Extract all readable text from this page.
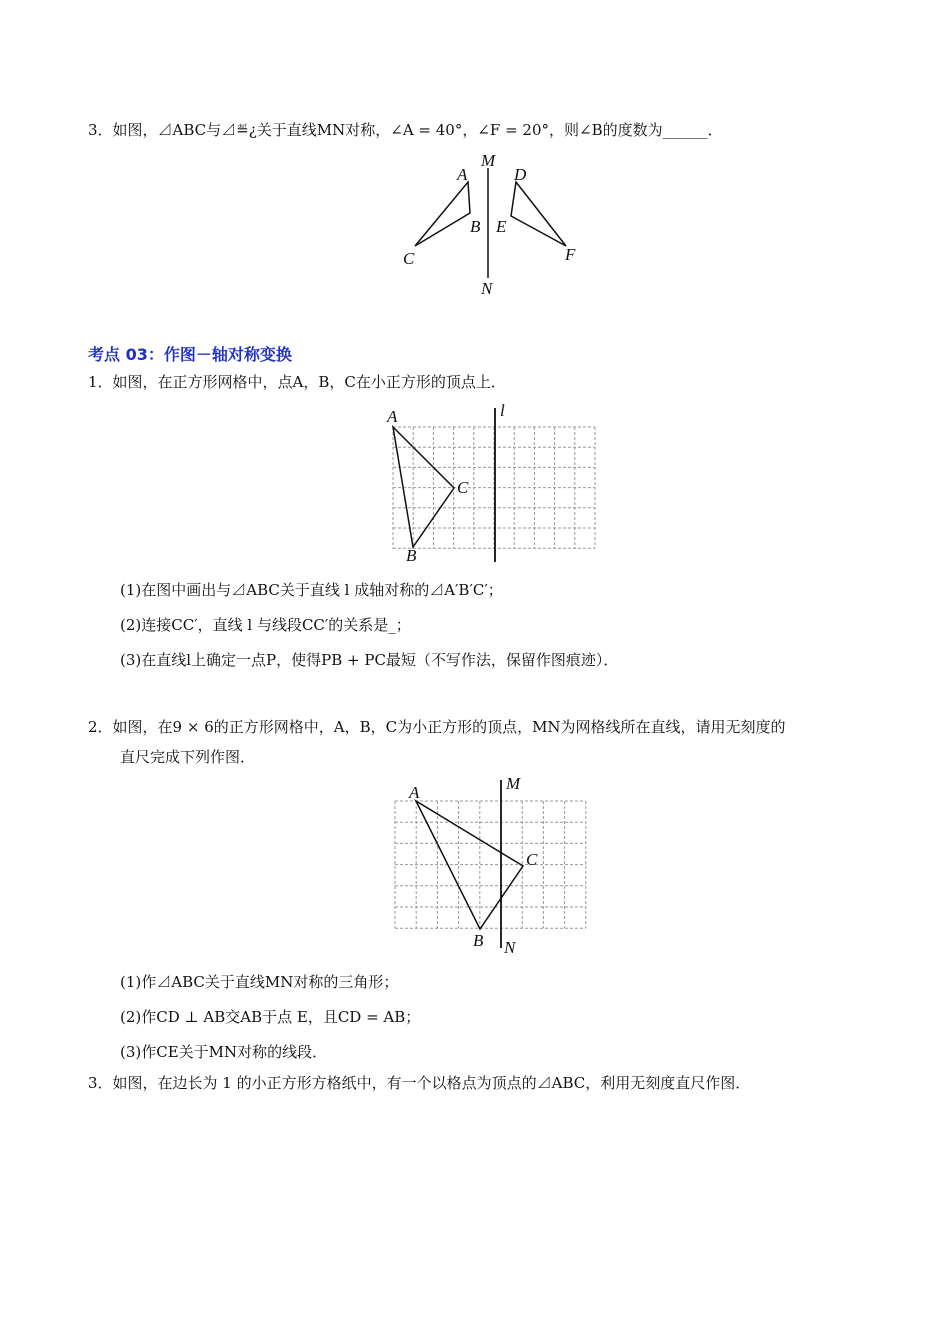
3．如图，⊿ABC与⊿≝¿关于直线MN对称，∠A = 40°，∠F = 20°，则∠B的度数为______．
M
N
A
B
C
D
E
F
考点 03：作图－轴对称变换
1．如图，在正方形网格中，点A，B，C在小正方形的顶点上．
A
B
C
l
(1)在图中画出与⊿ABC关于直线 l 成轴对称的⊿A′B′C′；
(2)连接CC′，直线 l 与线段CC′的关系是_；
(3)在直线l上确定一点P，使得PB + PC最短（不写作法，保留作图痕迹）．
2．如图，在9 × 6的正方形网格中，A，B，C为小正方形的顶点，MN为网格线所在直线，请用无刻度的
直尺完成下列作图．
A
B
C
M
N
(1)作⊿ABC关于直线MN对称的三角形；
(2)作CD ⊥ AB交AB于点 E，且CD = AB；
(3)作CE关于MN对称的线段．
3．如图，在边长为 1 的小正方形方格纸中，有一个以格点为顶点的⊿ABC，利用无刻度直尺作图．
